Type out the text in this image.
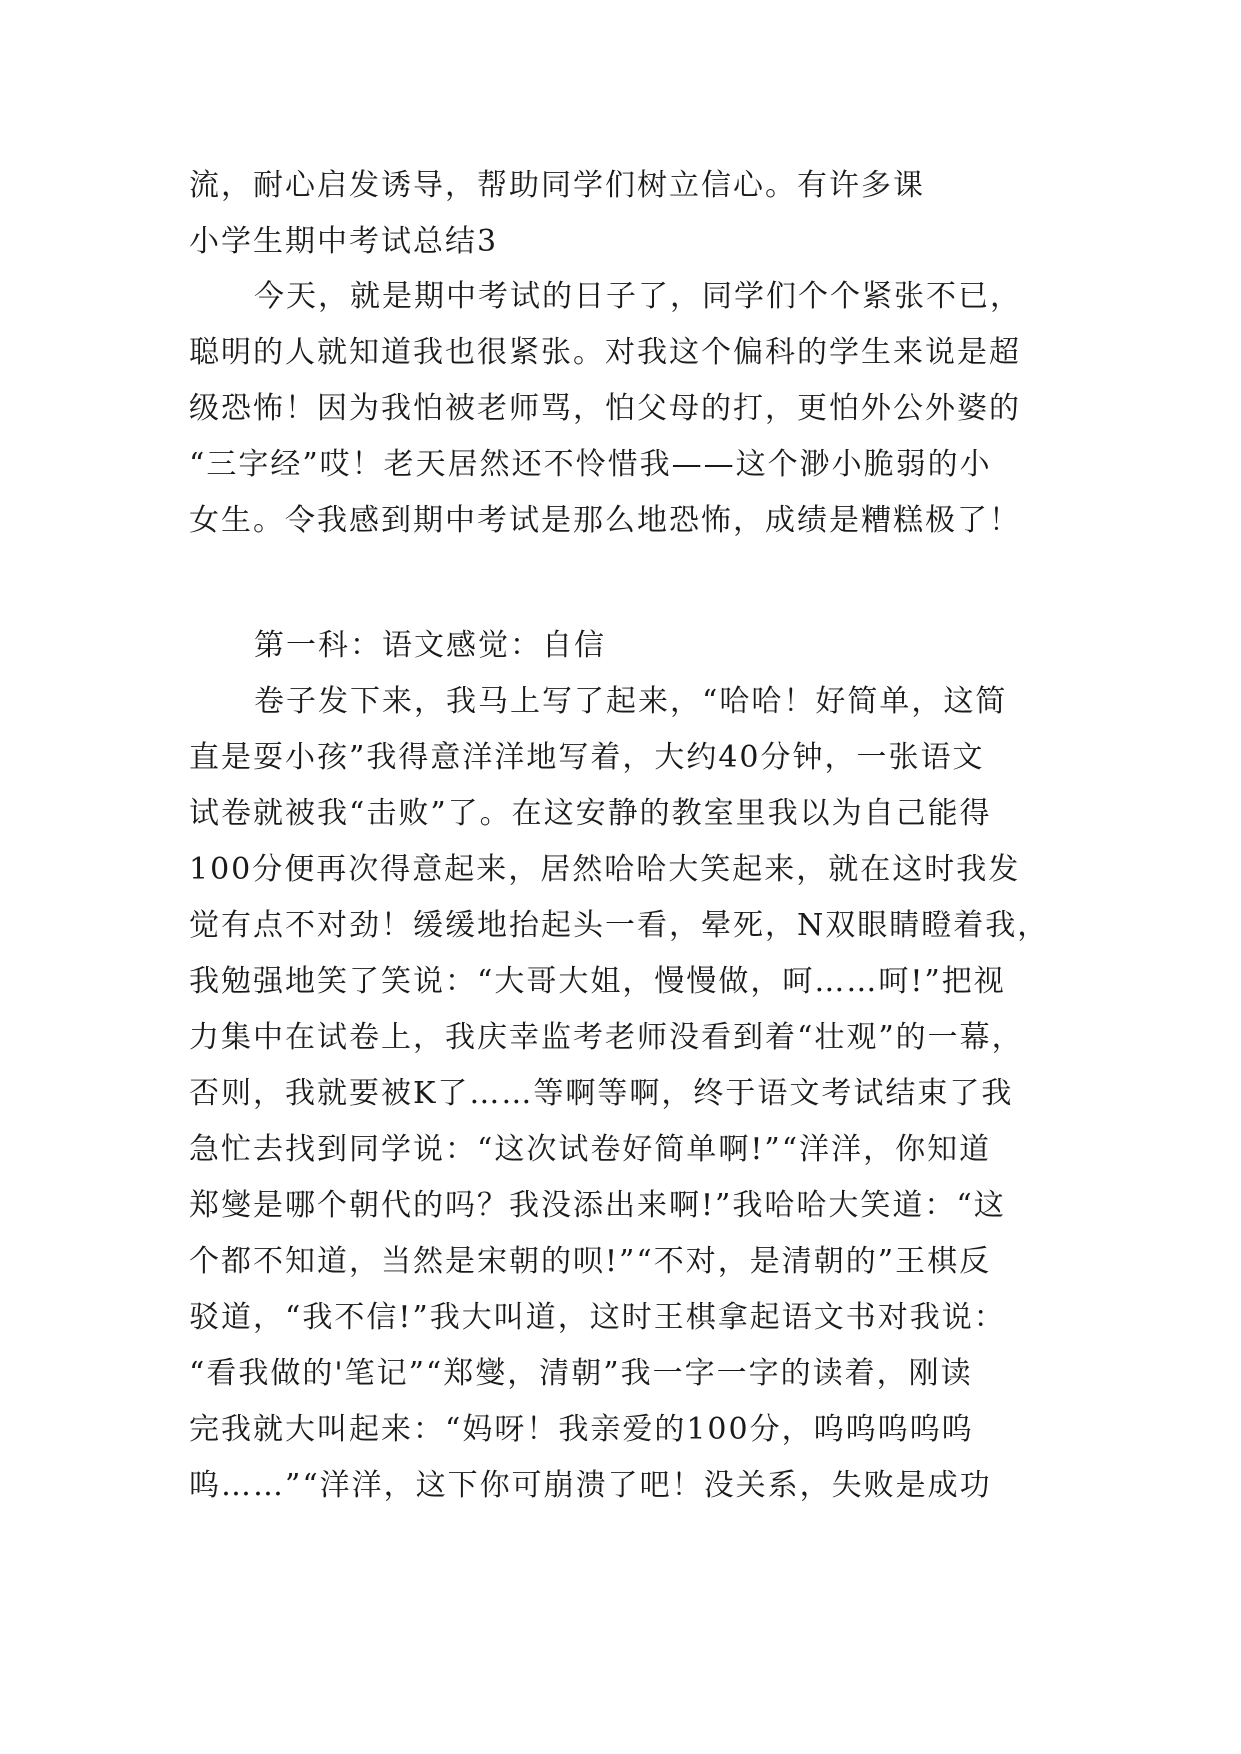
流，耐心启发诱导，帮助同学们树立信心。有许多课
小学生期中考试总结3
今天，就是期中考试的日子了，同学们个个紧张不已，
聪明的人就知道我也很紧张。对我这个偏科的学生来说是超
级恐怖！因为我怕被老师骂，怕父母的打，更怕外公外婆的
“三字经”哎！老天居然还不怜惜我——这个渺小脆弱的小
女生。令我感到期中考试是那么地恐怖，成绩是糟糕极了！
第一科：语文感觉：自信
卷子发下来，我马上写了起来，“哈哈！好简单，这简
直是耍小孩”我得意洋洋地写着，大约40分钟，一张语文
试卷就被我“击败”了。在这安静的教室里我以为自己能得
100分便再次得意起来，居然哈哈大笑起来，就在这时我发
觉有点不对劲！缓缓地抬起头一看，晕死，N双眼睛瞪着我，
我勉强地笑了笑说：“大哥大姐，慢慢做，呵……呵!”把视
力集中在试卷上，我庆幸监考老师没看到着“壮观”的一幕，
否则，我就要被K了……等啊等啊，终于语文考试结束了我
急忙去找到同学说：“这次试卷好简单啊!”“洋洋，你知道
郑燮是哪个朝代的吗？我没添出来啊!”我哈哈大笑道：“这
个都不知道，当然是宋朝的呗!”“不对，是清朝的”王棋反
驳道，“我不信!”我大叫道，这时王棋拿起语文书对我说：
“看我做的'笔记”“郑燮，清朝”我一字一字的读着，刚读
完我就大叫起来：“妈呀！我亲爱的100分，呜呜呜呜呜
呜……”“洋洋，这下你可崩溃了吧！没关系，失败是成功
